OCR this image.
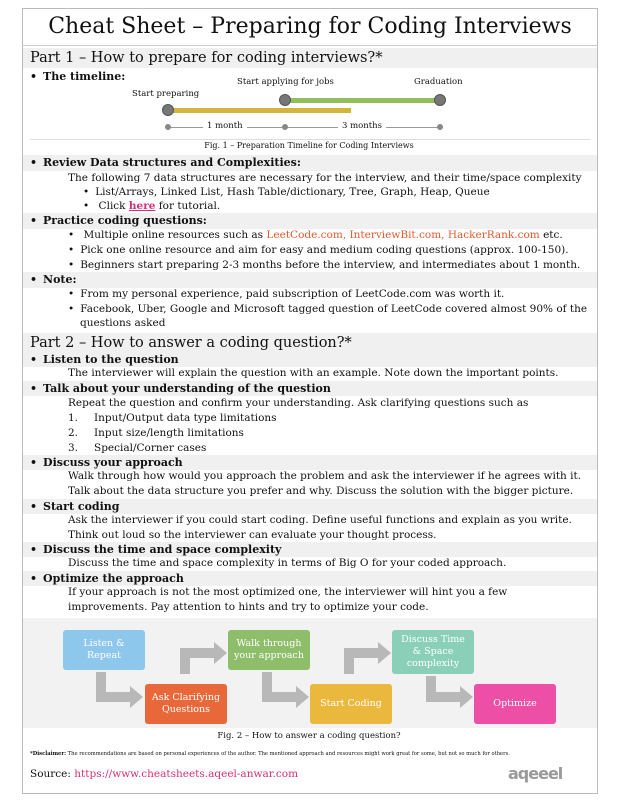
Cheat Sheet – Preparing for Coding Interviews
Part 1 – How to prepare for coding interviews?*
• The timeline:
Start preparing
Start applying for jobs	Graduation
1 month	3 months
Fig. 1 – Preparation Timeline for Coding Interviews
• Review Data structures and Complexities:
The following 7 data structures are necessary for the interview, and their time/space complexity
• List/Arrays, Linked List, Hash Table/dictionary, Tree, Graph, Heap, Queue
• Click here for tutorial.
• Practice coding questions:
• Multiple online resources such as LeetCode.com, InterviewBit.com, HackerRank.com etc.
• Pick one online resource and aim for easy and medium coding questions (approx. 100-150).
• Beginners start preparing 2-3 months before the interview, and intermediates about 1 month.
• Note:
• From my personal experience, paid subscription of LeetCode.com was worth it.
• Facebook, Uber, Google and Microsoft tagged question of LeetCode covered almost 90% of the
questions asked
Part 2 – How to answer a coding question?*
• Listen to the question
The interviewer will explain the question with an example. Note down the important points.
• Talk about your understanding of the question
Repeat the question and confirm your understanding. Ask clarifying questions such as
1. Input/Output data type limitations
2. Input size/length limitations
3. Special/Corner cases
• Discuss your approach
Walk through how would you approach the problem and ask the interviewer if he agrees with it.
Talk about the data structure you prefer and why. Discuss the solution with the bigger picture.
• Start coding
Ask the interviewer if you could start coding. Define useful functions and explain as you write.
Think out loud so the interviewer can evaluate your thought process.
• Discuss the time and space complexity
Discuss the time and space complexity in terms of Big O for your coded approach.
• Optimize the approach
If your approach is not the most optimized one, the interviewer will hint you a few
improvements. Pay attention to hints and try to optimize your code.
Listen &
Repeat
Ask Clarifying
Questions
Walk through
your approach
Start Coding
Discuss Time
& Space
complexity
Optimize
Fig. 2 – How to answer a coding question?
*Disclaimer: The recommendations are based on personal experiences of the author. The mentioned approach and resources might work great for some, but not so much for others.
Source: https://www.cheatsheets.aqeel-anwar.com	aqeeel
